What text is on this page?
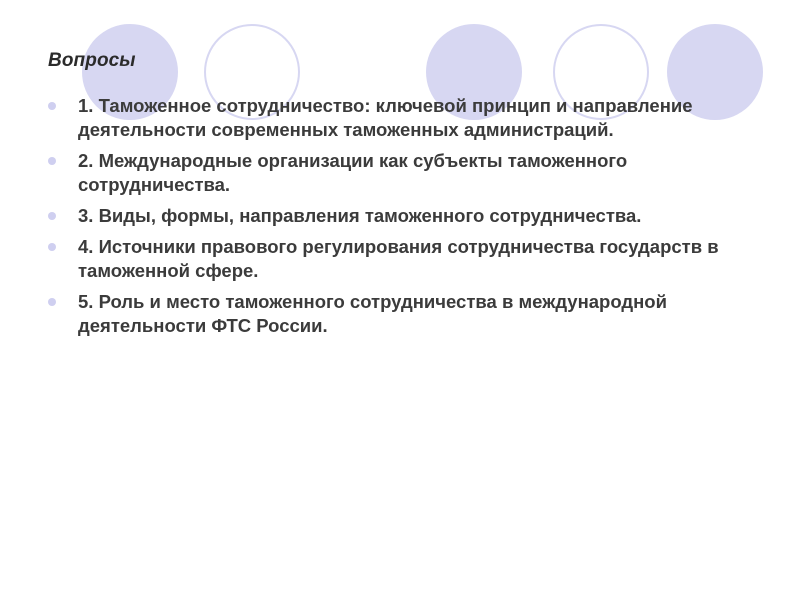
Вопросы
1. Таможенное сотрудничество: ключевой принцип и направление деятельности современных таможенных администраций.
2. Международные организации как субъекты таможенного сотрудничества.
3. Виды, формы, направления таможенного сотрудничества.
4. Источники правового регулирования сотрудничества государств в таможенной сфере.
5. Роль и место таможенного сотрудничества в международной деятельности ФТС России.
